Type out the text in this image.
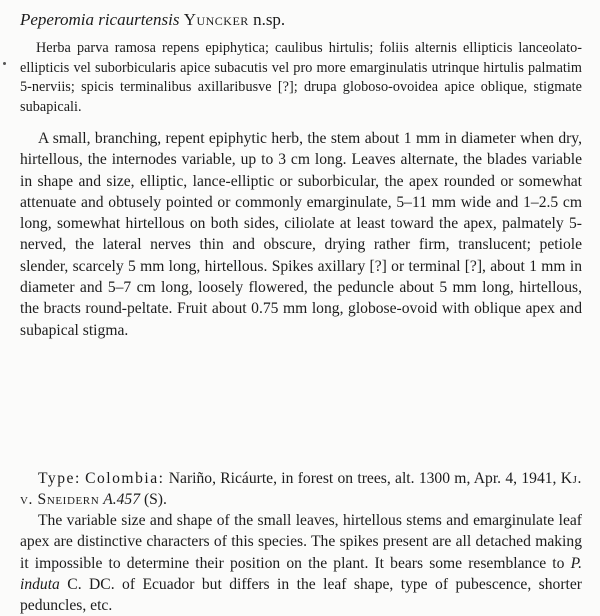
Peperomia ricaurtensis Yuncker n.sp.

Herba parva ramosa repens epiphytica; caulibus hirtulis; foliis alternis ellipticis lanceolato-ellipticis vel suborbicularis apice subacutis vel pro more emarginulatis utrinque hirtulis palmatim 5-nerviis; spicis terminalibus axillaribusve [?]; drupa globoso-ovoidea apice oblique, stigmate subapicali.

A small, branching, repent epiphytic herb, the stem about 1 mm in diameter when dry, hirtellous, the internodes variable, up to 3 cm long. Leaves alternate, the blades variable in shape and size, elliptic, lance-elliptic or suborbicular, the apex rounded or somewhat attenuate and obtusely pointed or commonly emarginulate, 5–11 mm wide and 1–2.5 cm long, somewhat hirtellous on both sides, ciliolate at least toward the apex, palmately 5-nerved, the lateral nerves thin and obscure, drying rather firm, translucent; petiole slender, scarcely 5 mm long, hirtellous. Spikes axillary [?] or terminal [?], about 1 mm in diameter and 5–7 cm long, loosely flowered, the peduncle about 5 mm long, hirtellous, the bracts round-peltate. Fruit about 0.75 mm long, globose-ovoid with oblique apex and subapical stigma.

Type: Colombia: Nariño, Ricáurte, in forest on trees, alt. 1300 m, Apr. 4, 1941, Kj. v. Sneidern A.457 (S).

The variable size and shape of the small leaves, hirtellous stems and emarginulate leaf apex are distinctive characters of this species. The spikes present are all detached making it impossible to determine their position on the plant. It bears some resemblance to P. induta C. DC. of Ecuador but differs in the leaf shape, type of pubescence, shorter peduncles, etc.
